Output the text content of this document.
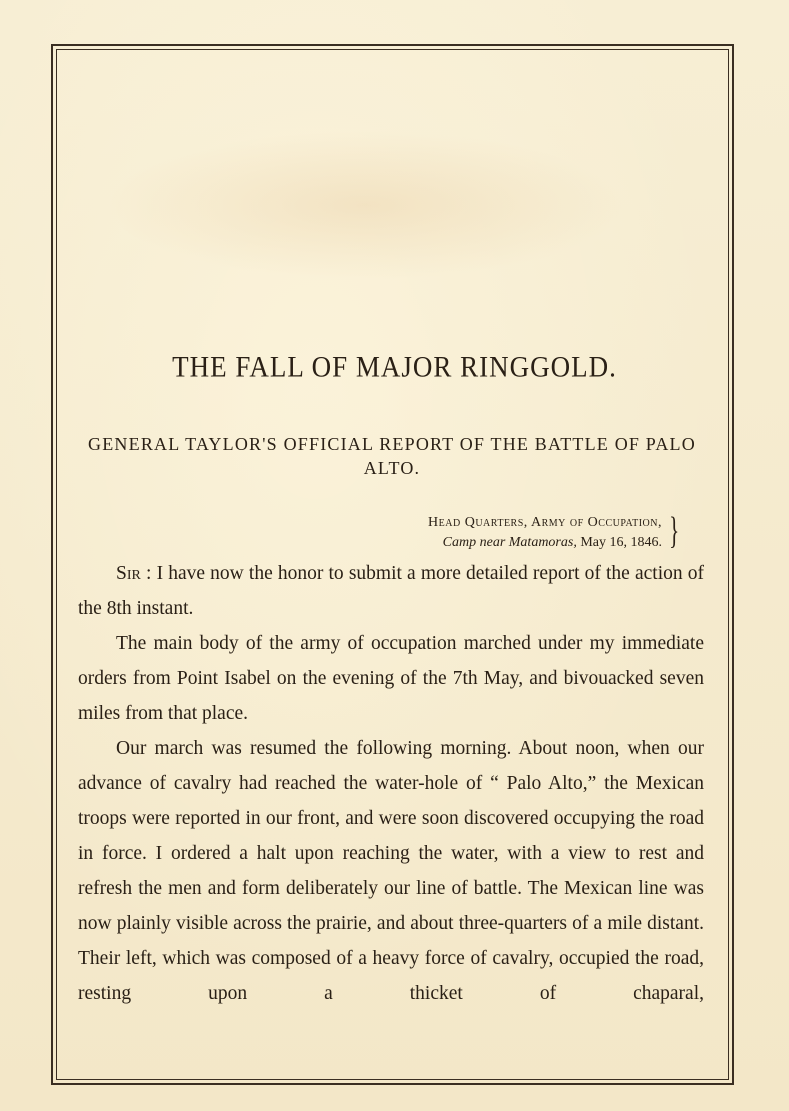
THE FALL OF MAJOR RINGGOLD.
GENERAL TAYLOR'S OFFICIAL REPORT OF THE BATTLE OF PALO ALTO.
Head Quarters, Army of Occupation,
Camp near Matamoras, May 16, 1846. }

Sir : I have now the honor to submit a more detailed report of the action of the 8th instant.

The main body of the army of occupation marched under my immediate orders from Point Isabel on the evening of the 7th May, and bivouacked seven miles from that place.

Our march was resumed the following morning. About noon, when our advance of cavalry had reached the water-hole of “ Palo Alto,” the Mexican troops were reported in our front, and were soon discovered occupying the road in force. I ordered a halt upon reaching the water, with a view to rest and refresh the men and form deliberately our line of battle. The Mexican line was now plainly visible across the prairie, and about three-quarters of a mile distant. Their left, which was composed of a heavy force of cavalry, occupied the road, resting upon a thicket of chaparal,
